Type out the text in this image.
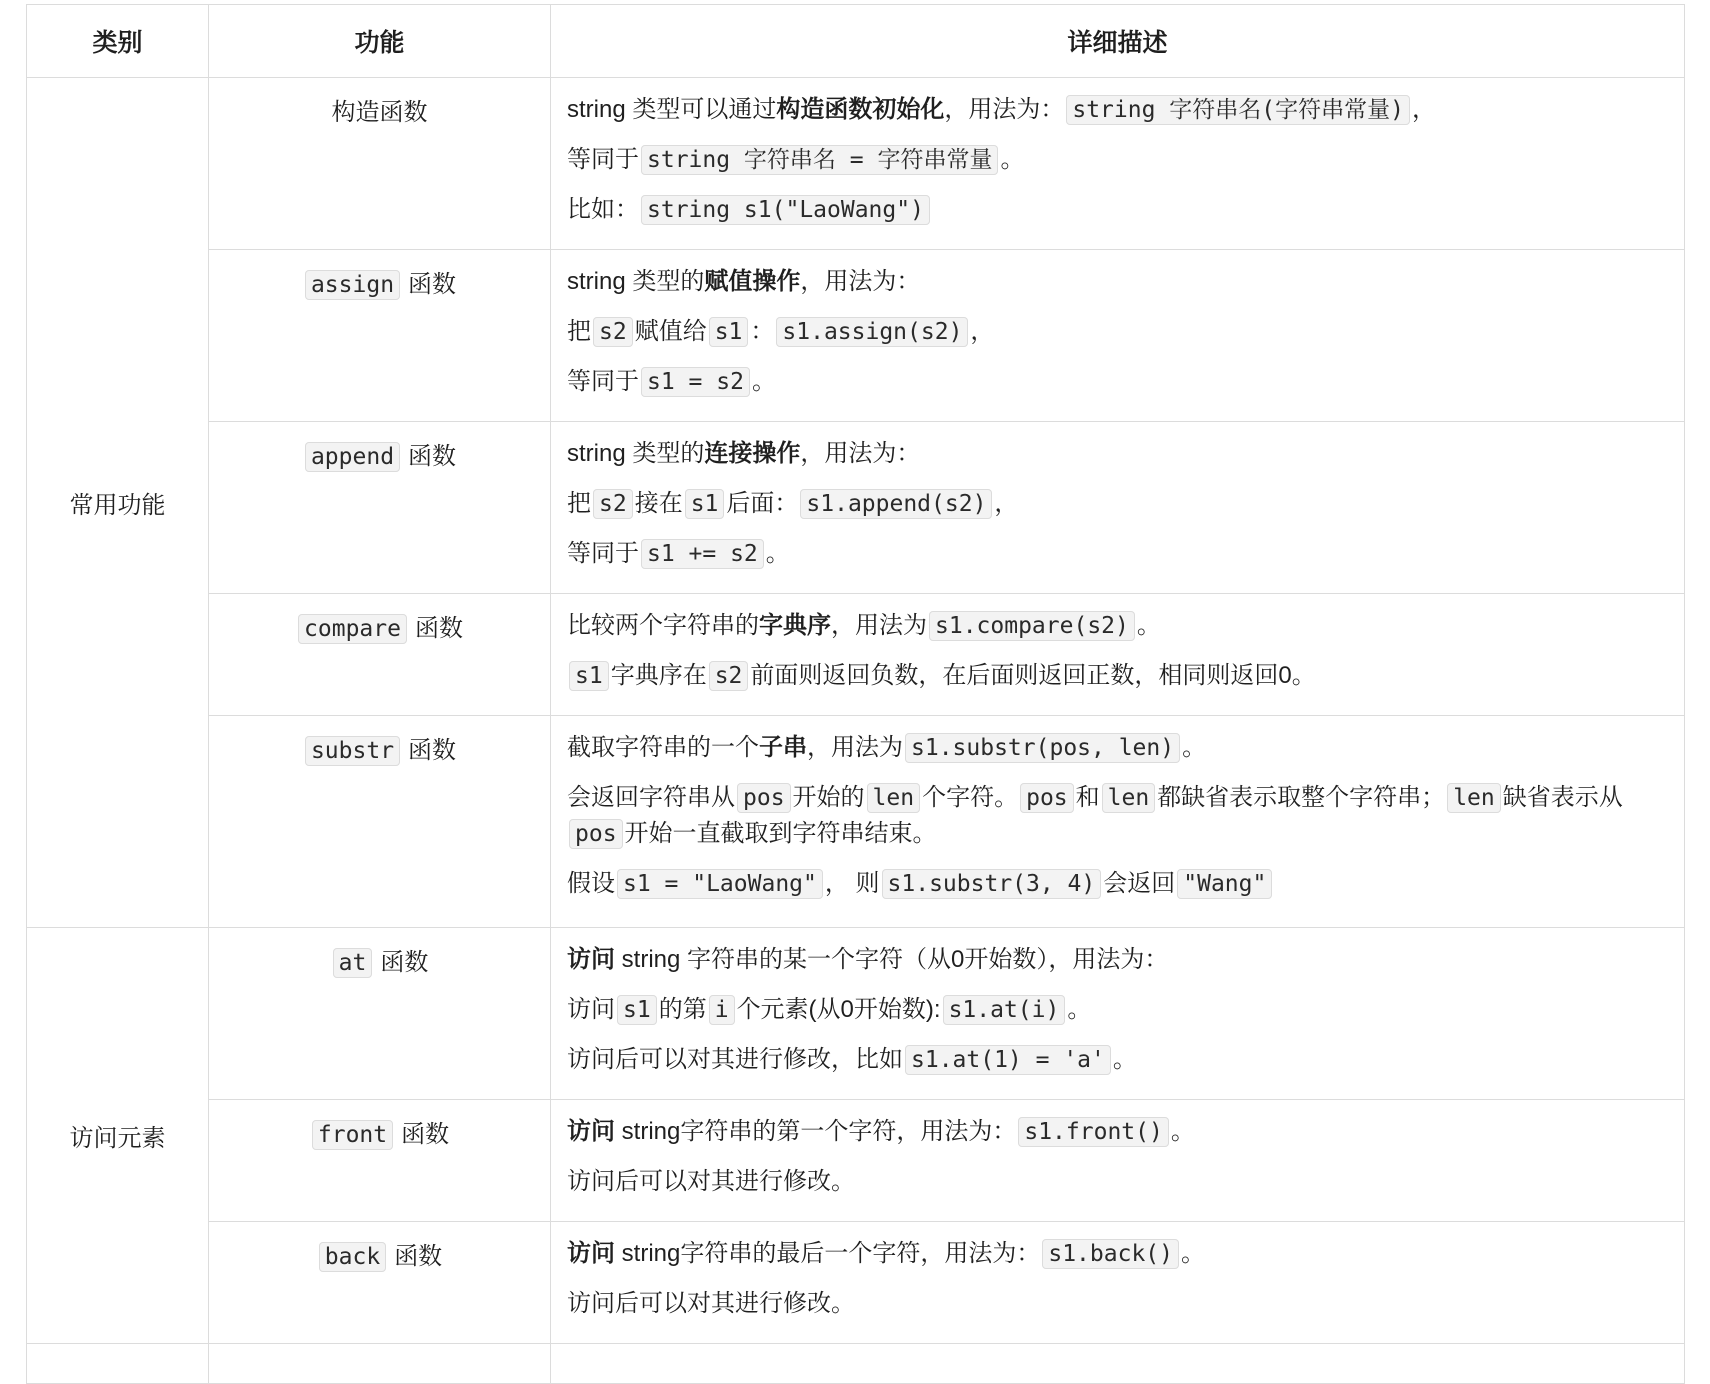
类别	功能	详细描述
常用功能	构造函数	string 类型可以通过构造函数初始化，用法为： string 字符串名(字符串常量) ，
等同于 string 字符串名 = 字符串常量 。
比如： string s1("LaoWang")

	assign 函数	string 类型的赋值操作，用法为：
把 s2 赋值给 s1 ： s1.assign(s2) ，
等同于 s1 = s2 。

	append 函数	string 类型的连接操作，用法为：
把 s2 接在 s1 后面： s1.append(s2) ，
等同于 s1 += s2 。

	compare 函数	比较两个字符串的字典序，用法为 s1.compare(s2) 。
s1 字典序在 s2 前面则返回负数，在后面则返回正数，相同则返回0。

	substr 函数	截取字符串的一个子串，用法为 s1.substr(pos, len) 。
会返回字符串从 pos 开始的 len 个字符。 pos 和 len 都缺省表示取整个字符串； len 缺省表示从pos 开始一直截取到字符串结束。
假设 s1 = "LaoWang" ， 则 s1.substr(3, 4) 会返回 "Wang"

访问元素	at 函数	访问 string 字符串的某一个字符（从0开始数），用法为：
访问 s1 的第 i 个元素(从0开始数): s1.at(i) 。
访问后可以对其进行修改，比如 s1.at(1) = 'a' 。

	front 函数	访问 string字符串的第一个字符，用法为： s1.front() 。
访问后可以对其进行修改。

	back 函数	访问 string字符串的最后一个字符，用法为： s1.back() 。
访问后可以对其进行修改。
